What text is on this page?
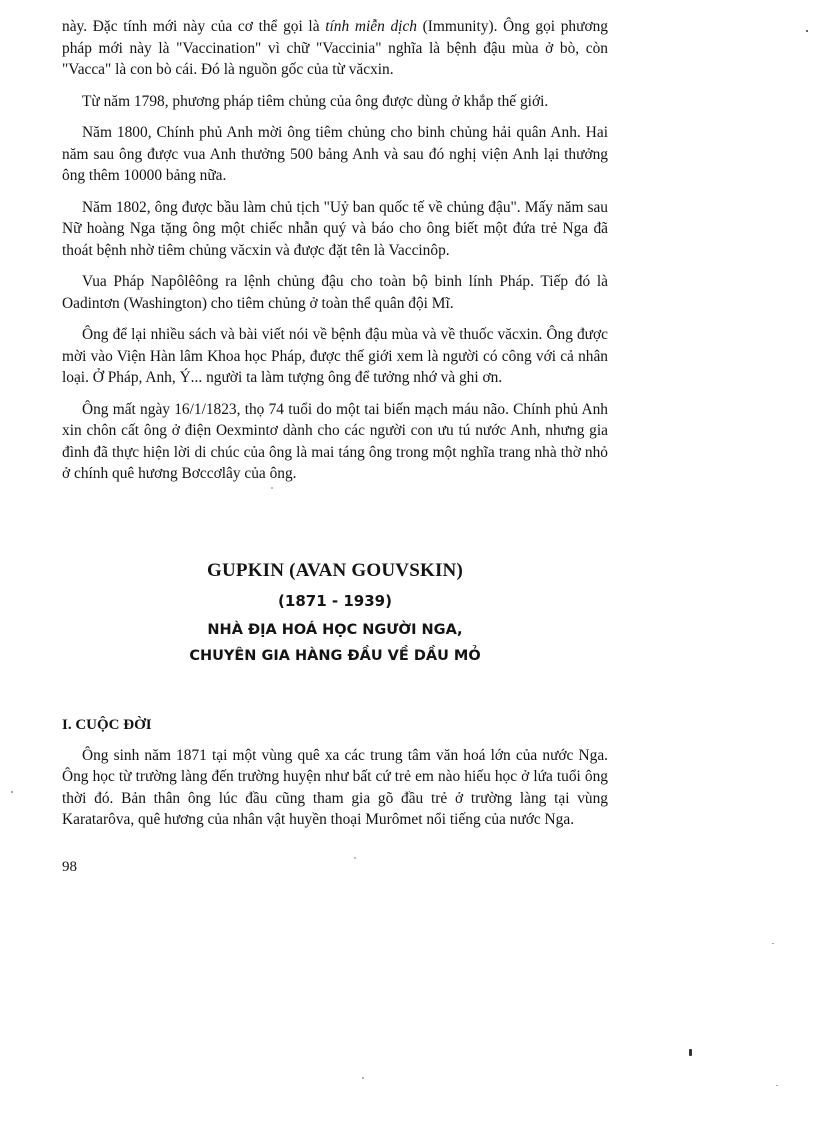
này. Đặc tính mới này của cơ thể gọi là tính miễn dịch (Immunity). Ông gọi phương pháp mới này là "Vaccination" vì chữ "Vaccinia" nghĩa là bệnh đậu mùa ở bò, còn "Vacca" là con bò cái. Đó là nguồn gốc của từ văcxin.

Từ năm 1798, phương pháp tiêm chủng của ông được dùng ở khắp thế giới.

Năm 1800, Chính phủ Anh mời ông tiêm chủng cho binh chủng hải quân Anh. Hai năm sau ông được vua Anh thưởng 500 bảng Anh và sau đó nghị viện Anh lại thưởng ông thêm 10000 bảng nữa.

Năm 1802, ông được bầu làm chủ tịch "Uỷ ban quốc tế về chủng đậu". Mấy năm sau Nữ hoàng Nga tặng ông một chiếc nhẫn quý và báo cho ông biết một đứa trẻ Nga đã thoát bệnh nhờ tiêm chủng văcxin và được đặt tên là Vaccinôp.

Vua Pháp Napôlêông ra lệnh chủng đậu cho toàn bộ binh lính Pháp. Tiếp đó là Oadintơn (Washington) cho tiêm chủng ở toàn thể quân đội Mĩ.

Ông để lại nhiều sách và bài viết nói về bệnh đậu mùa và về thuốc văcxin. Ông được mời vào Viện Hàn lâm Khoa học Pháp, được thế giới xem là người có công với cả nhân loại. Ở Pháp, Anh, Ý... người ta làm tượng ông để tưởng nhớ và ghi ơn.

Ông mất ngày 16/1/1823, thọ 74 tuổi do một tai biến mạch máu não. Chính phủ Anh xin chôn cất ông ở điện Oexmintơ dành cho các người con ưu tú nước Anh, nhưng gia đình đã thực hiện lời di chúc của ông là mai táng ông trong một nghĩa trang nhà thờ nhỏ ở chính quê hương Bơccơlây của ông.

GUPKIN (AVAN GOUVSKIN)
(1871 - 1939)
NHÀ ĐỊA HOÁ HỌC NGƯỜI NGA,
CHUYÊN GIA HÀNG ĐẦU VỀ DẦU MỎ
I. CUỘC ĐỜI

Ông sinh năm 1871 tại một vùng quê xa các trung tâm văn hoá lớn của nước Nga. Ông học từ trường làng đến trường huyện như bất cứ trẻ em nào hiếu học ở lứa tuổi ông thời đó. Bản thân ông lúc đầu cũng tham gia gõ đầu trẻ ở trường làng tại vùng Karatarôva, quê hương của nhân vật huyền thoại Murômet nổi tiếng của nước Nga.

98
